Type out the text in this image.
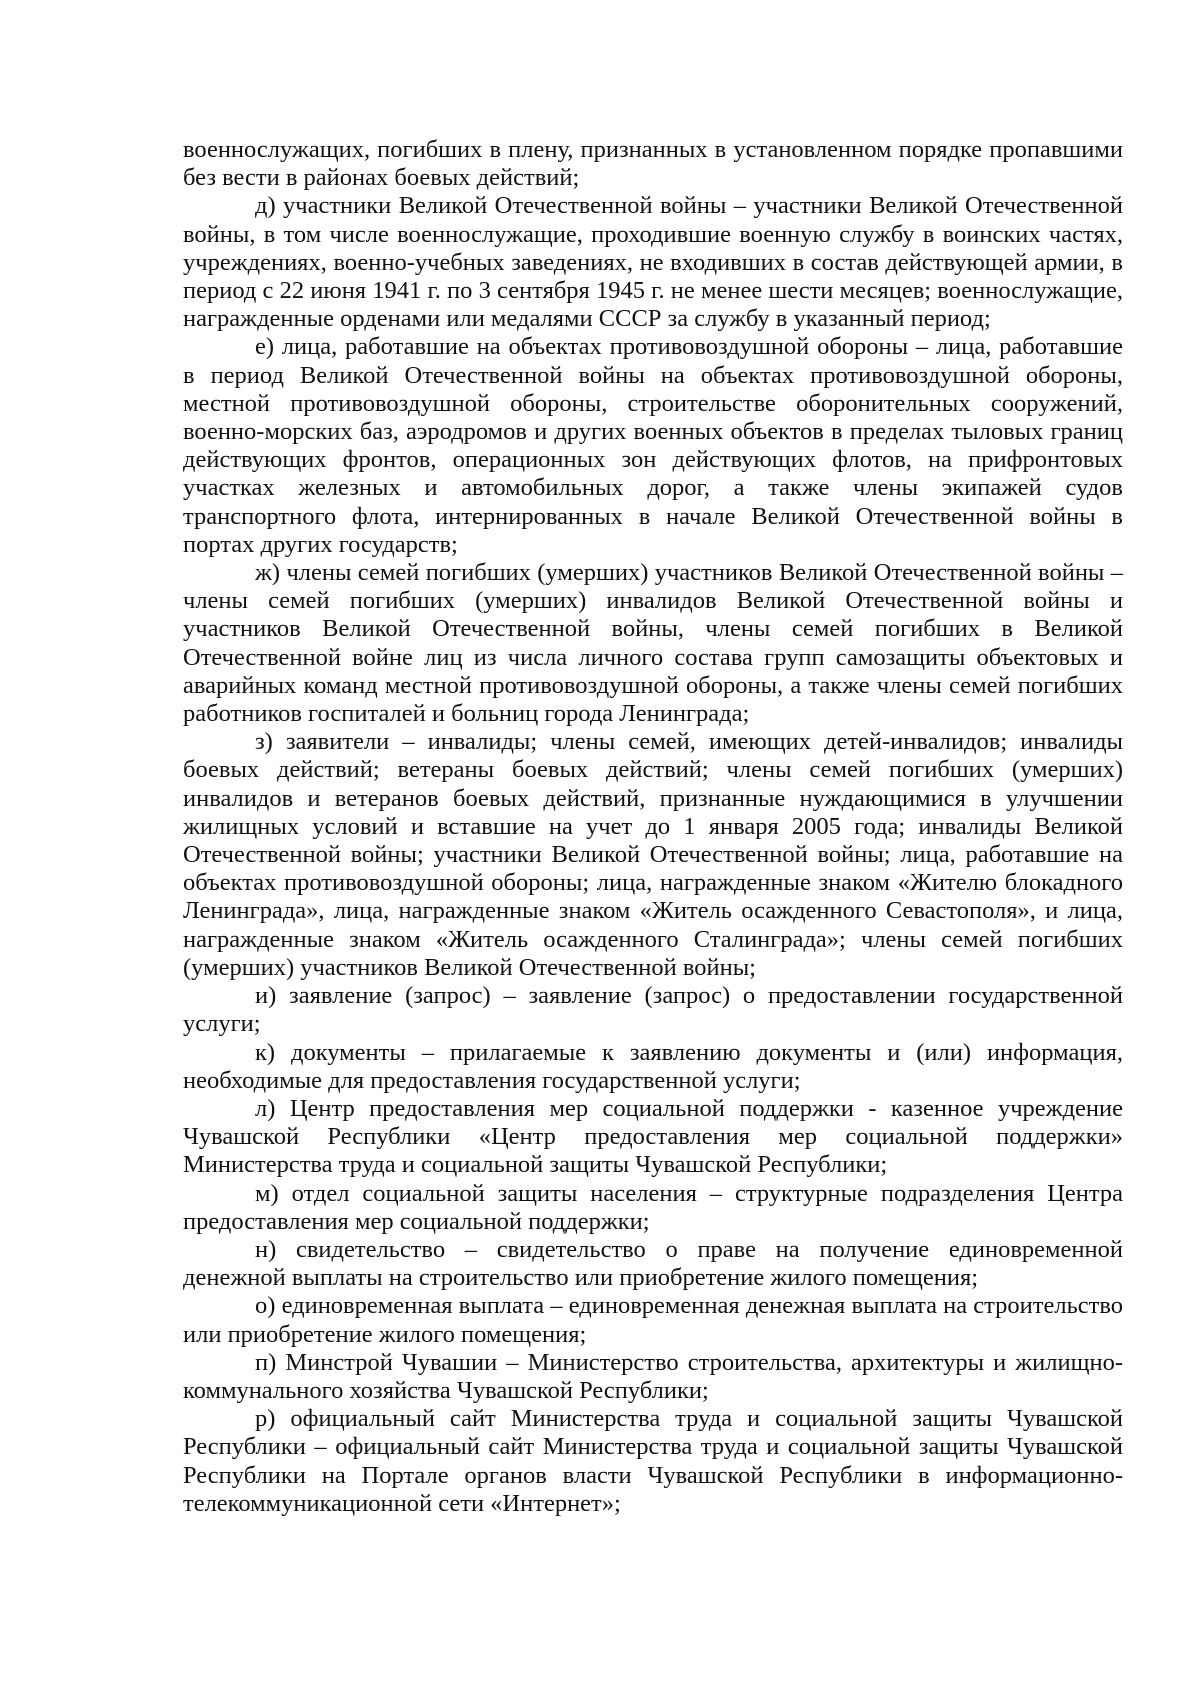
военнослужащих, погибших в плену, признанных в установленном порядке пропавшими без вести в районах боевых действий;

д) участники Великой Отечественной войны – участники Великой Отечественной войны, в том числе военнослужащие, проходившие военную службу в воинских частях, учреждениях, военно-учебных заведениях, не входивших в состав действующей армии, в период с 22 июня 1941 г. по 3 сентября 1945 г. не менее шести месяцев; военнослужащие, награжденные орденами или медалями СССР за службу в указанный период;

е) лица, работавшие на объектах противовоздушной обороны – лица, работавшие в период Великой Отечественной войны на объектах противовоздушной обороны, местной противовоздушной обороны, строительстве оборонительных сооружений, военно-морских баз, аэродромов и других военных объектов в пределах тыловых границ действующих фронтов, операционных зон действующих флотов, на прифронтовых участках железных и автомобильных дорог, а также члены экипажей судов транспортного флота, интернированных в начале Великой Отечественной войны в портах других государств;

ж) члены семей погибших (умерших) участников Великой Отечественной войны – члены семей погибших (умерших) инвалидов Великой Отечественной войны и участников Великой Отечественной войны, члены семей погибших в Великой Отечественной войне лиц из числа личного состава групп самозащиты объектовых и аварийных команд местной противовоздушной обороны, а также члены семей погибших работников госпиталей и больниц города Ленинграда;

з) заявители – инвалиды; члены семей, имеющих детей-инвалидов; инвалиды боевых действий; ветераны боевых действий; члены семей погибших (умерших) инвалидов и ветеранов боевых действий, признанные нуждающимися в улучшении жилищных условий и вставшие на учет до 1 января 2005 года; инвалиды Великой Отечественной войны; участники Великой Отечественной войны; лица, работавшие на объектах противовоздушной обороны; лица, награжденные знаком «Жителю блокадного Ленинграда», лица, награжденные знаком «Житель осажденного Севастополя», и лица, награжденные знаком «Житель осажденного Сталинграда»; члены семей погибших (умерших) участников Великой Отечественной войны;

и) заявление (запрос) – заявление (запрос) о предоставлении государственной услуги;

к) документы – прилагаемые к заявлению документы и (или) информация, необходимые для предоставления государственной услуги;

л) Центр предоставления мер социальной поддержки - казенное учреждение Чувашской Республики «Центр предоставления мер социальной поддержки» Министерства труда и социальной защиты Чувашской Республики;

м) отдел социальной защиты населения – структурные подразделения Центра предоставления мер социальной поддержки;

н) свидетельство – свидетельство о праве на получение единовременной денежной выплаты на строительство или приобретение жилого помещения;

о) единовременная выплата – единовременная денежная выплата на строительство или приобретение жилого помещения;

п) Минстрой Чувашии – Министерство строительства, архитектуры и жилищно-коммунального хозяйства Чувашской Республики;

р) официальный сайт Министерства труда и социальной защиты Чувашской Республики – официальный сайт Министерства труда и социальной защиты Чувашской Республики на Портале органов власти Чувашской Республики в информационно-телекоммуникационной сети «Интернет»;
